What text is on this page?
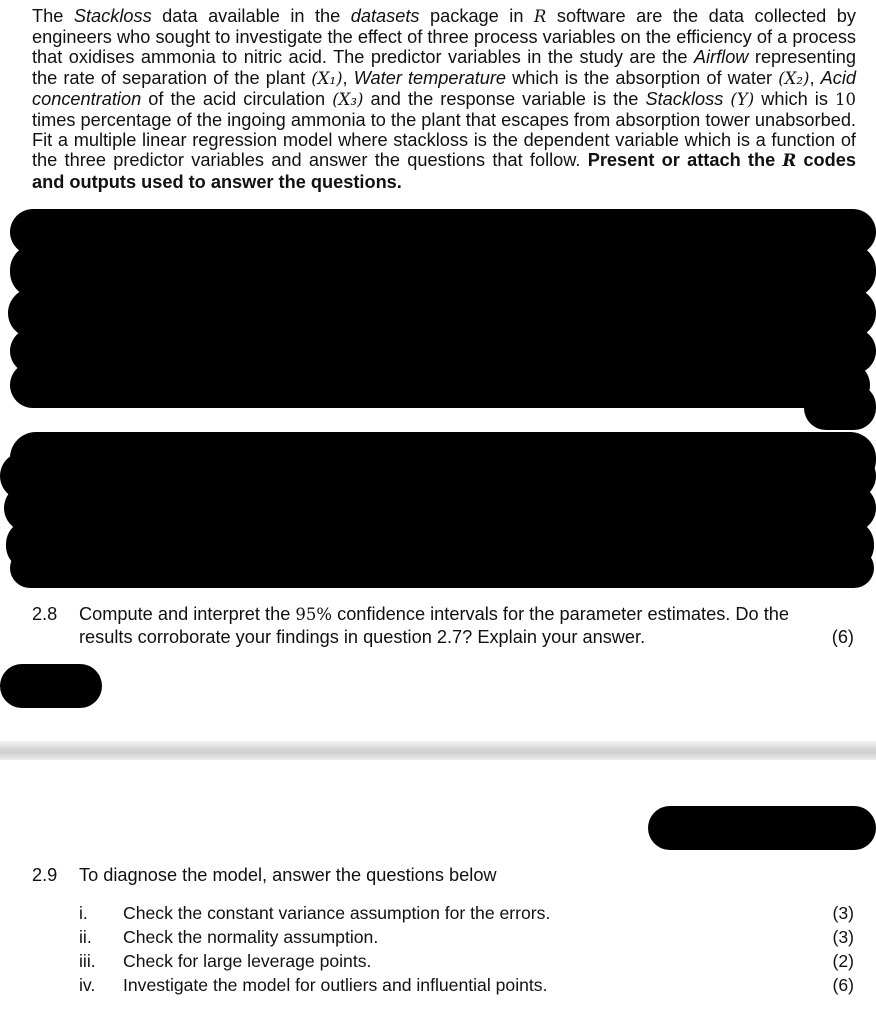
The Stackloss data available in the datasets package in R software are the data collected by engineers who sought to investigate the effect of three process variables on the efficiency of a process that oxidises ammonia to nitric acid. The predictor variables in the study are the Airflow representing the rate of separation of the plant (X₁), Water temperature which is the absorption of water (X₂), Acid concentration of the acid circulation (X₃) and the response variable is the Stackloss (Y) which is 10 times percentage of the ingoing ammonia to the plant that escapes from absorption tower unabsorbed. Fit a multiple linear regression model where stackloss is the dependent variable which is a function of the three predictor variables and answer the questions that follow. Present or attach the R codes and outputs used to answer the questions.

2.8 Compute and interpret the 95% confidence intervals for the parameter estimates. Do the
results corroborate your findings in question 2.7? Explain your answer.	(6)
2.9 To diagnose the model, answer the questions below
i. Check the constant variance assumption for the errors.	(3)
ii. Check the normality assumption.	(3)
iii. Check for large leverage points.	(2)
iv. Investigate the model for outliers and influential points.	(6)
